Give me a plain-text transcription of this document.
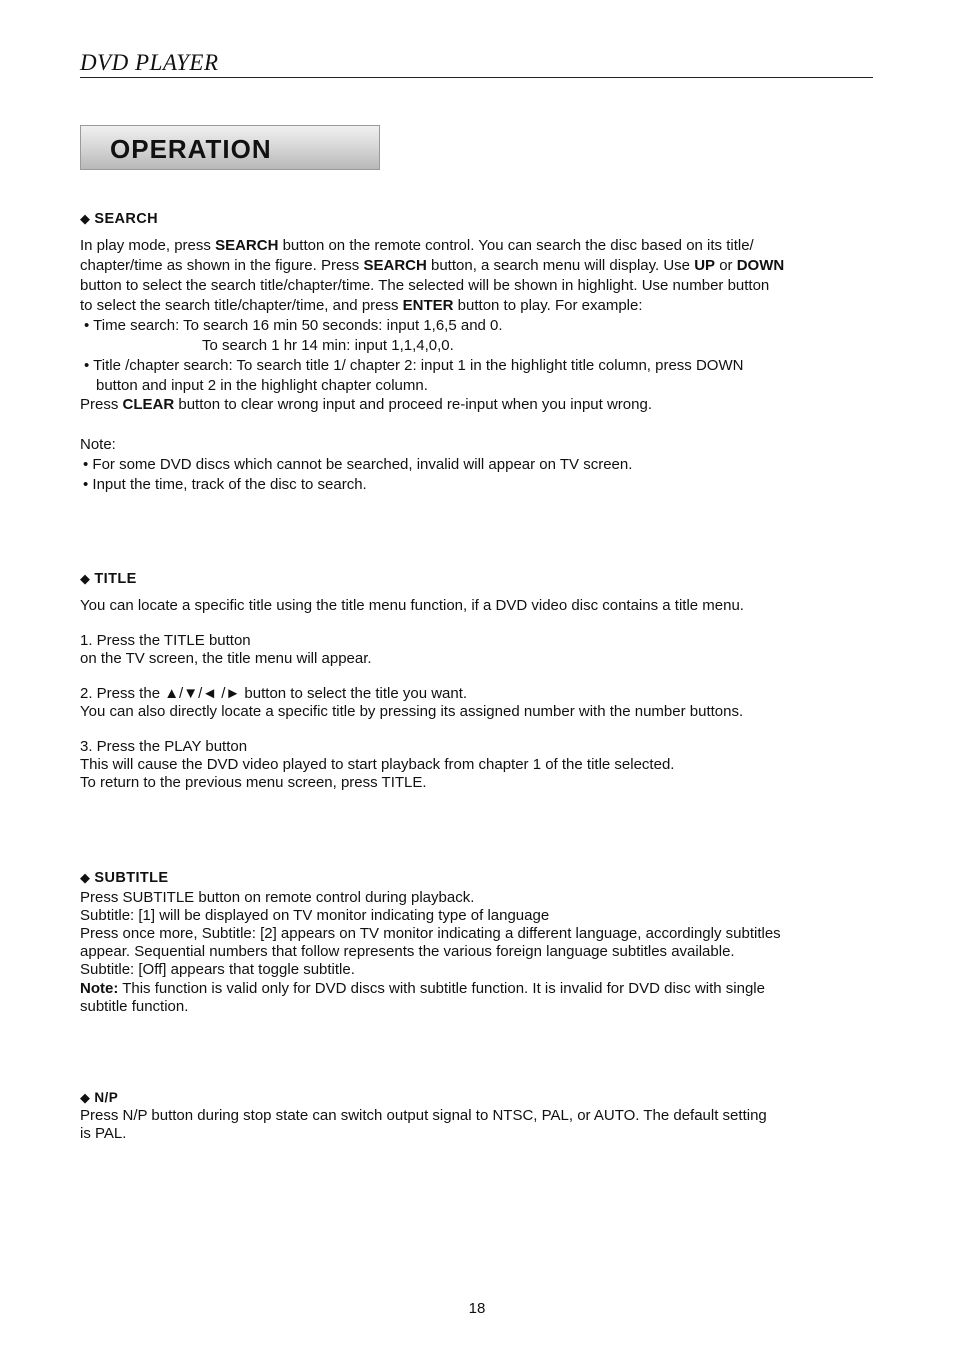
DVD PLAYER
OPERATION
◆ SEARCH
In play mode, press SEARCH button on the remote control. You can search the disc based on its title/
chapter/time as shown in the figure. Press SEARCH button, a search menu will display. Use UP or DOWN
button to select the search title/chapter/time. The selected will be shown in highlight. Use number button
to select the search title/chapter/time, and press ENTER button to play. For example:
• Time search: To search 16 min 50 seconds: input 1,6,5 and 0.
To search 1 hr 14 min: input 1,1,4,0,0.
• Title /chapter search: To search title 1/ chapter 2: input 1 in the highlight title column, press DOWN
button and input 2 in the highlight chapter column.
Press CLEAR button to clear wrong input and proceed re-input when you input wrong.
Note:
• For some DVD discs which cannot be searched, invalid will appear on TV screen.
• Input the time, track of the disc to search.
◆ TITLE
You can locate a specific title using the title menu function, if a DVD video disc contains a title menu.
1. Press the TITLE button
on the TV screen, the title menu will appear.
2. Press the ▲/▼/◄ /► button to select the title you want.
You can also directly locate a specific title by pressing its assigned number with the number buttons.
3. Press the PLAY button
This will cause the DVD video played to start playback from chapter 1 of the title selected.
To return to the previous menu screen, press TITLE.
◆ SUBTITLE
Press SUBTITLE button on remote control during playback.
Subtitle: [1] will be displayed on TV monitor indicating type of language
Press once more, Subtitle: [2] appears on TV monitor indicating a different language, accordingly subtitles
appear. Sequential numbers that follow represents the various foreign language subtitles available.
Subtitle: [Off] appears that toggle subtitle.
Note: This function is valid only for DVD discs with subtitle function. It is invalid for DVD disc with single
subtitle function.
◆ N/P
Press N/P button during stop state can switch output signal to NTSC, PAL, or AUTO. The default setting
is PAL.
18
